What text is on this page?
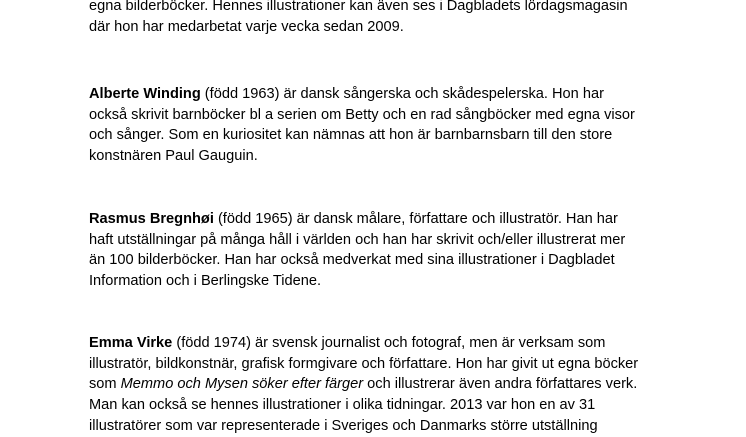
egna bilderböcker. Hennes illustrationer kan även ses i Dagbladets lördagsmagasin
där hon har medarbetat varje vecka sedan 2009.

Alberte Winding (född 1963) är dansk sångerska och skådespelerska. Hon har
också skrivit barnböcker bl a serien om Betty och en rad sångböcker med egna visor
och sånger. Som en kuriositet kan nämnas att hon är barnbarnsbarn till den store
konstnären Paul Gauguin.

Rasmus Bregnhøi (född 1965) är dansk målare, författare och illustratör. Han har
haft utställningar på många håll i världen och han har skrivit och/eller illustrerat mer
än 100 bilderböcker. Han har också medverkat med sina illustrationer i Dagbladet
Information och i Berlingske Tidene.

Emma Virke (född 1974) är svensk journalist och fotograf, men är verksam som
illustratör, bildkonstnär, grafisk formgivare och författare. Hon har givit ut egna böcker
som Memmo och Mysen söker efter färger och illustrerar även andra författares verk.
Man kan också se hennes illustrationer i olika tidningar. 2013 var hon en av 31
illustratörer som var representerade i Sveriges och Danmarks större utställning
